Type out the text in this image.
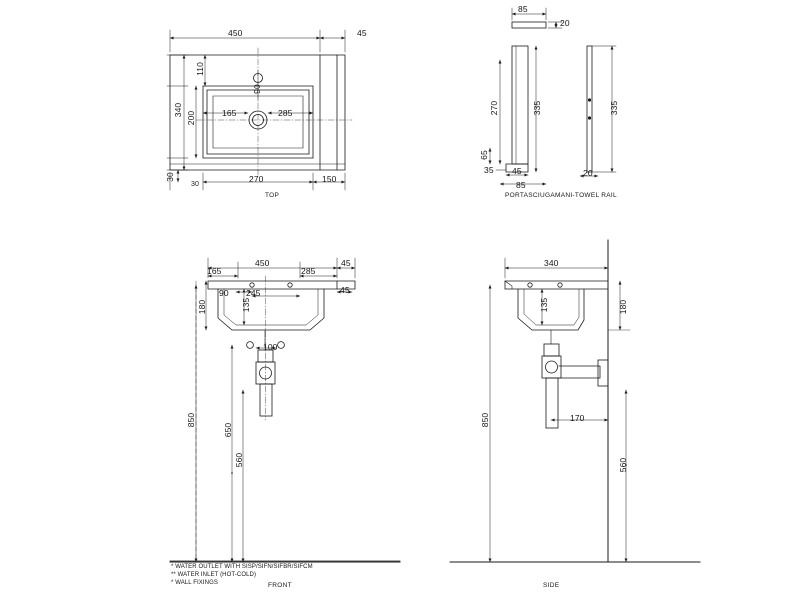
450	45
110
200
340	165	285
90
270	150
30
30
TOP
85
20
270	335
65
35 45
85
20
335
PORTASCIUGAMANI-TOWEL RAIL
450	45
165	285
90 245	45
135
180
100
850
650
560
FRONT
340
135	180
170
850
560
SIDE
* WATER OUTLET WITH SISP/SIFN/SIFBR/SIFCM
** WATER INLET (HOT-COLD)
* WALL FIXINGS
